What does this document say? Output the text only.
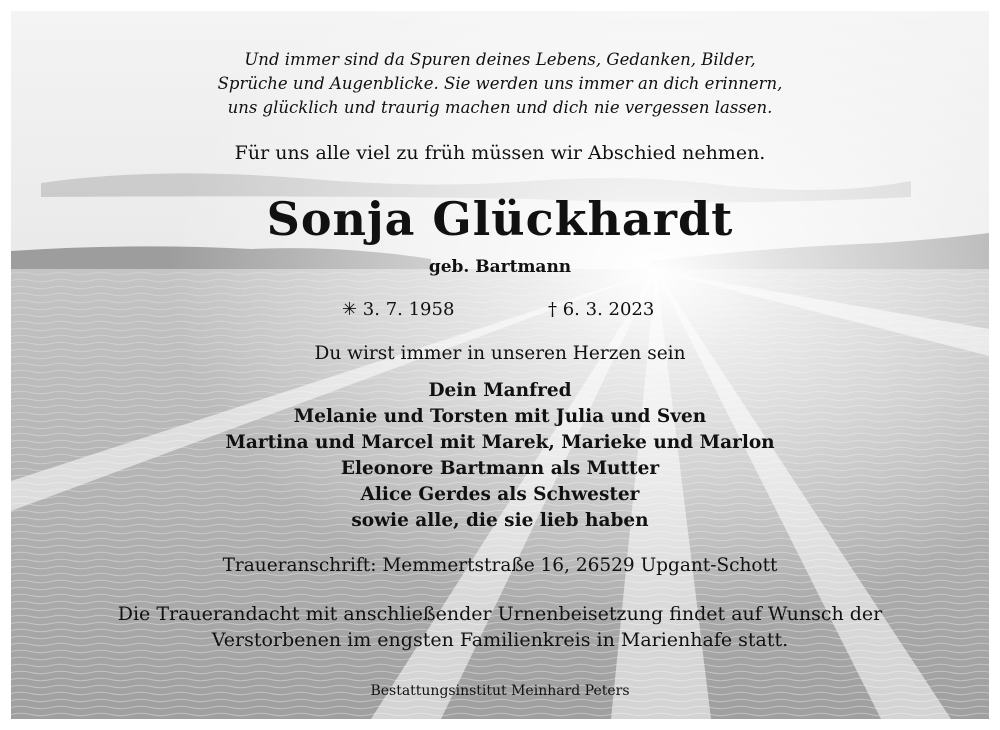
Und immer sind da Spuren deines Lebens, Gedanken, Bilder,

Sprüche und Augenblicke. Sie werden uns immer an dich erinnern,

uns glücklich und traurig machen und dich nie vergessen lassen.

Für uns alle viel zu früh müssen wir Abschied nehmen.

Sonja Glückhardt

geb. Bartmann

✳ 3. 7. 1958	† 6. 3. 2023

Du wirst immer in unseren Herzen sein

Dein Manfred

Melanie und Torsten mit Julia und Sven

Martina und Marcel mit Marek, Marieke und Marlon

Eleonore Bartmann als Mutter

Alice Gerdes als Schwester

sowie alle, die sie lieb haben

Traueranschrift: Memmertstraße 16, 26529 Upgant-Schott

Die Trauerandacht mit anschließender Urnenbeisetzung findet auf Wunsch der

Verstorbenen im engsten Familienkreis in Marienhafe statt.

Bestattungsinstitut Meinhard Peters
